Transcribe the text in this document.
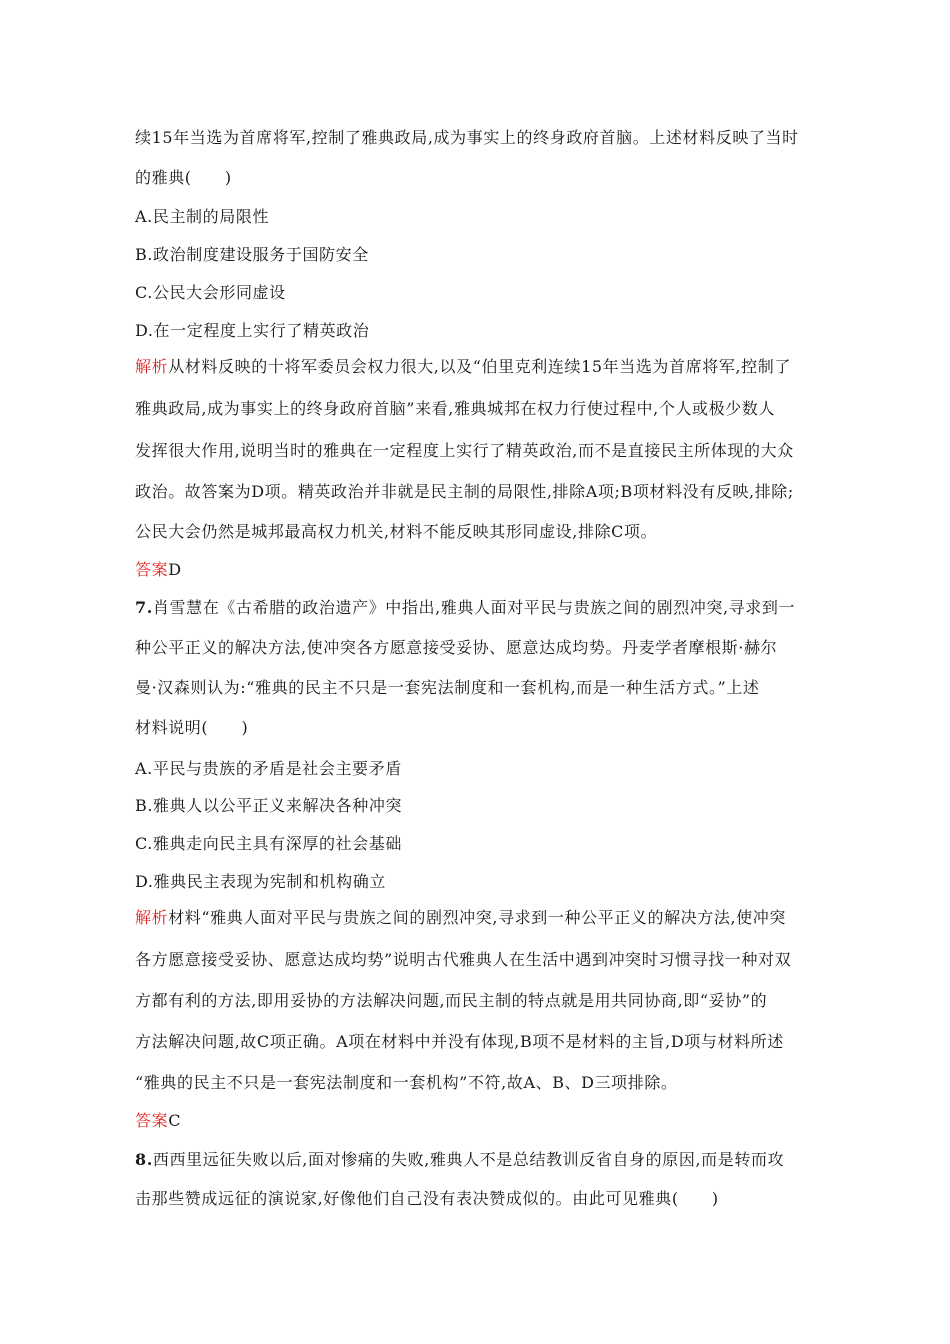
续15年当选为首席将军,控制了雅典政局,成为事实上的终身政府首脑。上述材料反映了当时
的雅典(　　)
A.民主制的局限性
B.政治制度建设服务于国防安全
C.公民大会形同虚设
D.在一定程度上实行了精英政治
解析从材料反映的十将军委员会权力很大,以及“伯里克利连续15年当选为首席将军,控制了
雅典政局,成为事实上的终身政府首脑”来看,雅典城邦在权力行使过程中,个人或极少数人
发挥很大作用,说明当时的雅典在一定程度上实行了精英政治,而不是直接民主所体现的大众
政治。故答案为D项。精英政治并非就是民主制的局限性,排除A项;B项材料没有反映,排除;
公民大会仍然是城邦最高权力机关,材料不能反映其形同虚设,排除C项。
答案D
7.肖雪慧在《古希腊的政治遗产》中指出,雅典人面对平民与贵族之间的剧烈冲突,寻求到一
种公平正义的解决方法,使冲突各方愿意接受妥协、愿意达成均势。丹麦学者摩根斯·赫尔
曼·汉森则认为:“雅典的民主不只是一套宪法制度和一套机构,而是一种生活方式。”上述
材料说明(　　)
A.平民与贵族的矛盾是社会主要矛盾
B.雅典人以公平正义来解决各种冲突
C.雅典走向民主具有深厚的社会基础
D.雅典民主表现为宪制和机构确立
解析材料“雅典人面对平民与贵族之间的剧烈冲突,寻求到一种公平正义的解决方法,使冲突
各方愿意接受妥协、愿意达成均势”说明古代雅典人在生活中遇到冲突时习惯寻找一种对双
方都有利的方法,即用妥协的方法解决问题,而民主制的特点就是用共同协商,即“妥协”的
方法解决问题,故C项正确。A项在材料中并没有体现,B项不是材料的主旨,D项与材料所述
“雅典的民主不只是一套宪法制度和一套机构”不符,故A、B、D三项排除。
答案C
8.西西里远征失败以后,面对惨痛的失败,雅典人不是总结教训反省自身的原因,而是转而攻
击那些赞成远征的演说家,好像他们自己没有表决赞成似的。由此可见雅典(　　)
